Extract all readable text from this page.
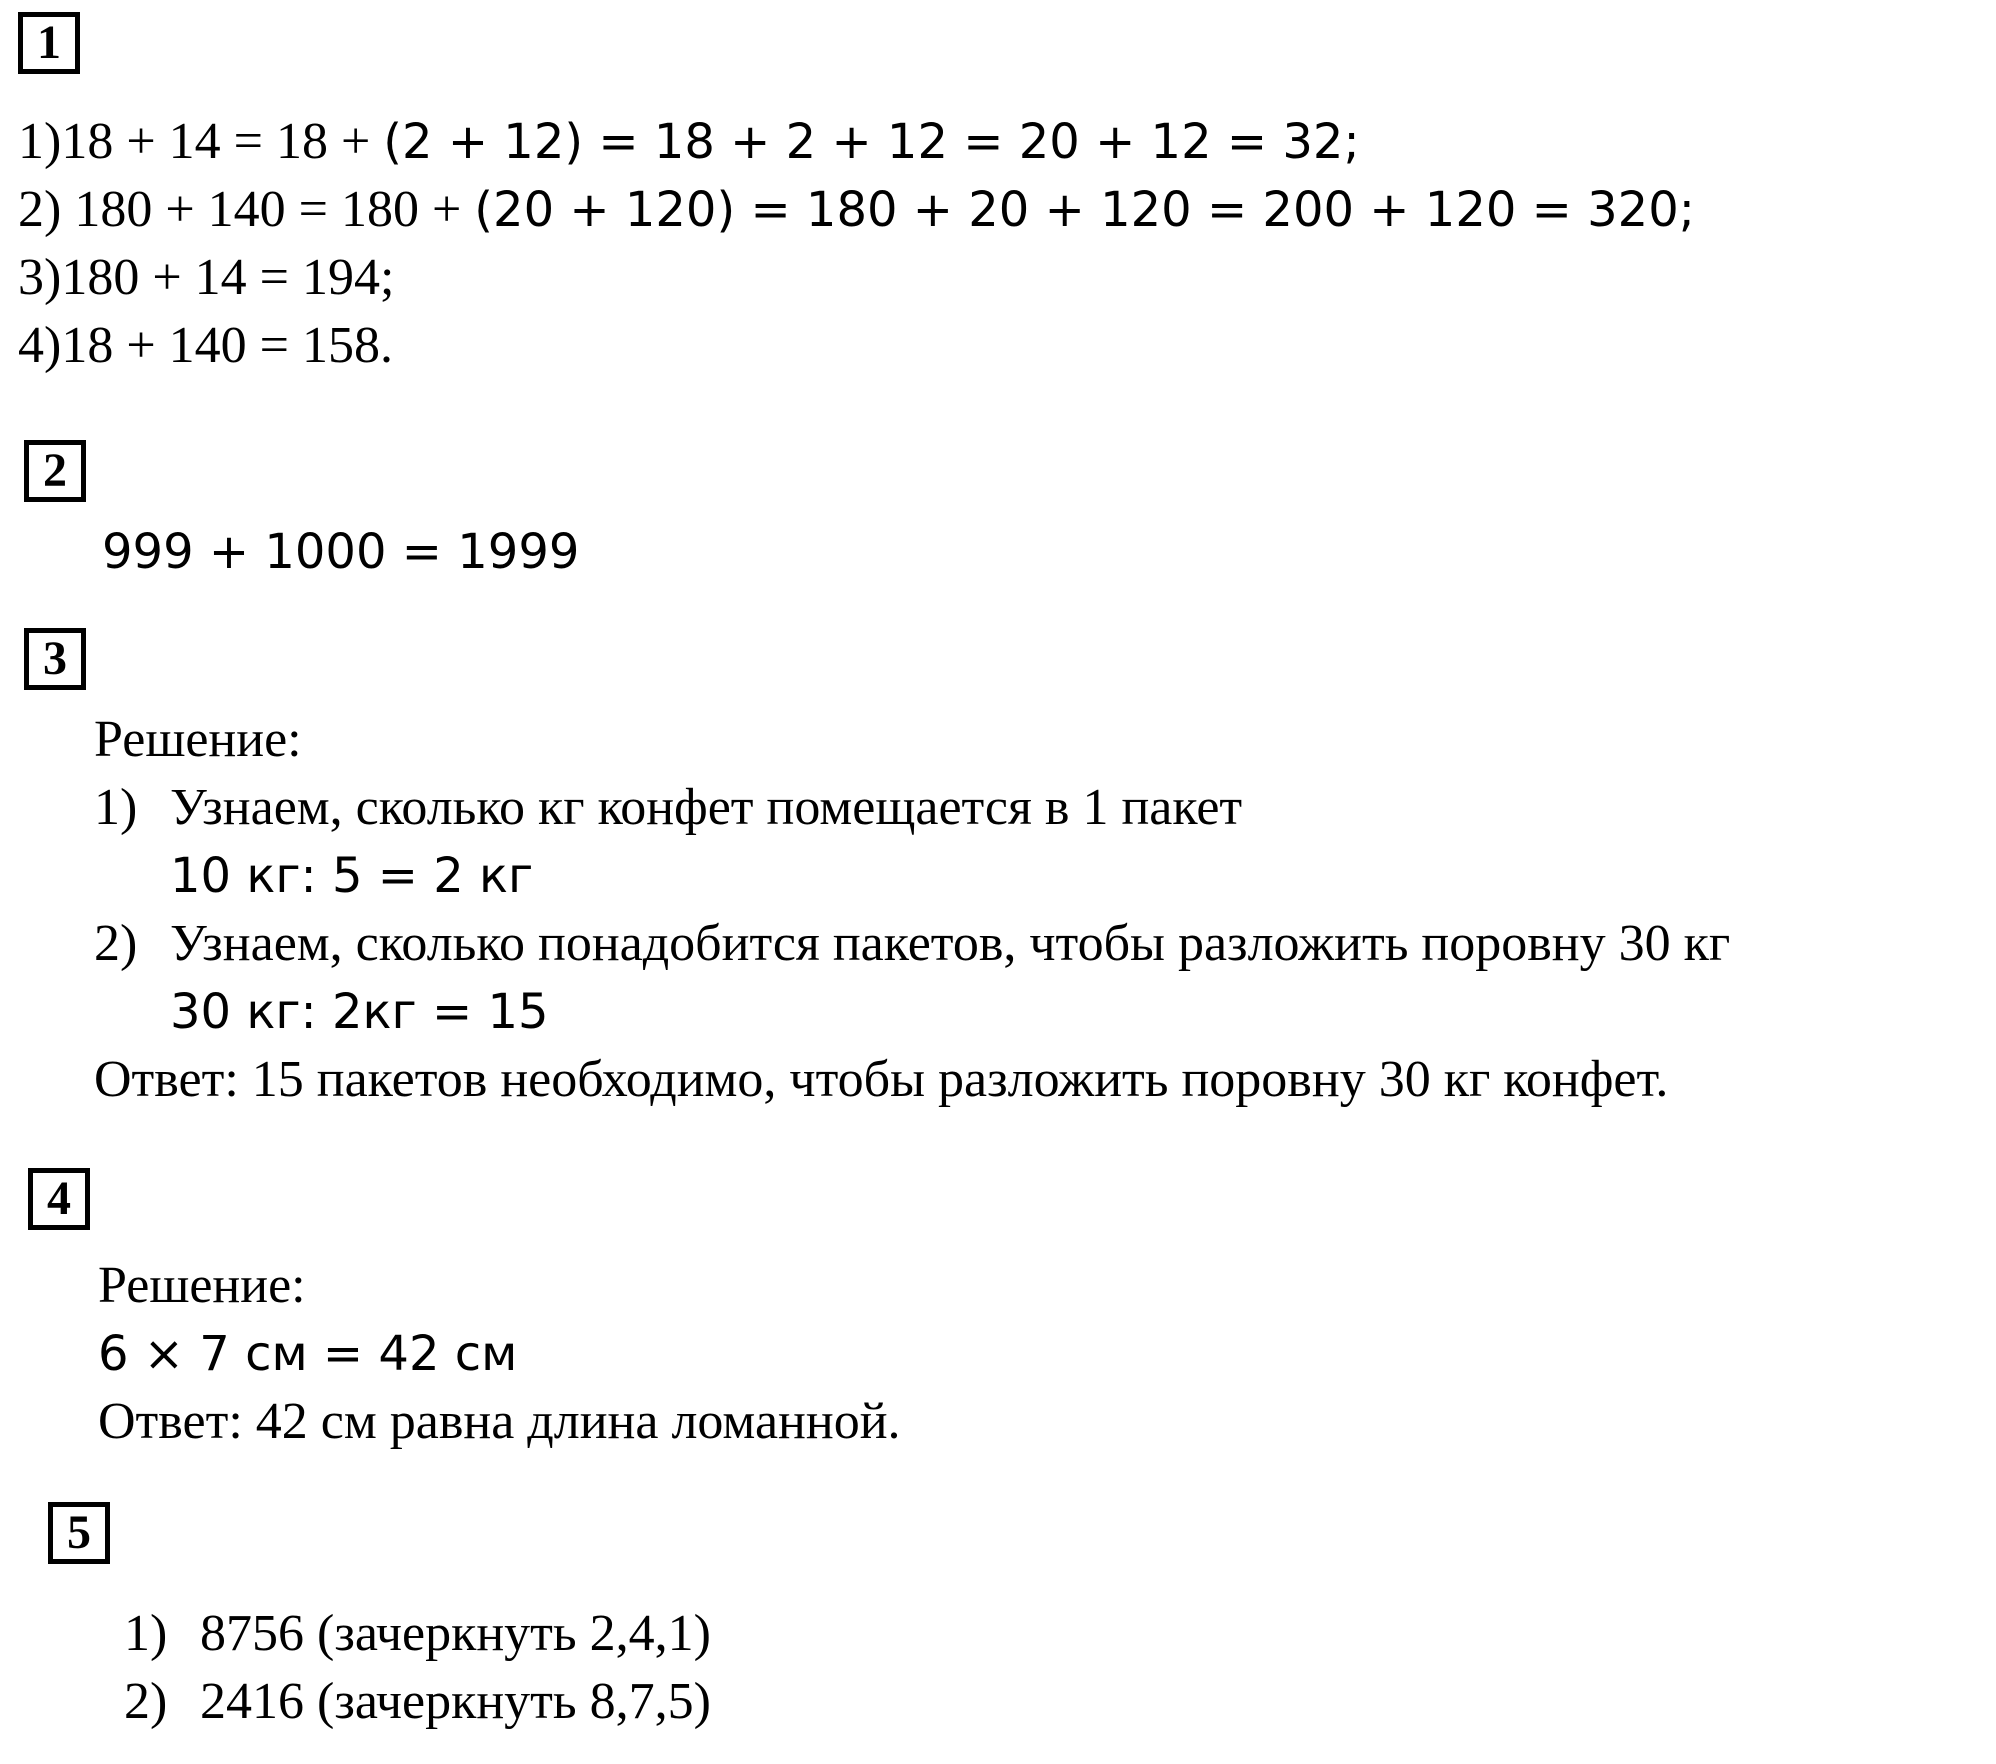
1
1)18 + 14 = 18 + (2 + 12) = 18 + 2 + 12 = 20 + 12 = 32;
2) 180 + 140 = 180 + (20 + 120) = 180 + 20 + 120 = 200 + 120 = 320;
3)180 + 14 = 194;
4)18 + 140 = 158.
2
999 + 1000 = 1999
3
Решение:
1) Узнаем, сколько кг конфет помещается в 1 пакет
10 кг: 5 = 2 кг
2) Узнаем, сколько понадобится пакетов, чтобы разложить поровну 30 кг
30 кг: 2кг = 15
Ответ: 15 пакетов необходимо, чтобы разложить поровну 30 кг конфет.
4
Решение:
6 × 7 см = 42 см
Ответ: 42 см равна длина ломанной.
5
1) 8756 (зачеркнуть 2,4,1)
2) 2416 (зачеркнуть 8,7,5)
